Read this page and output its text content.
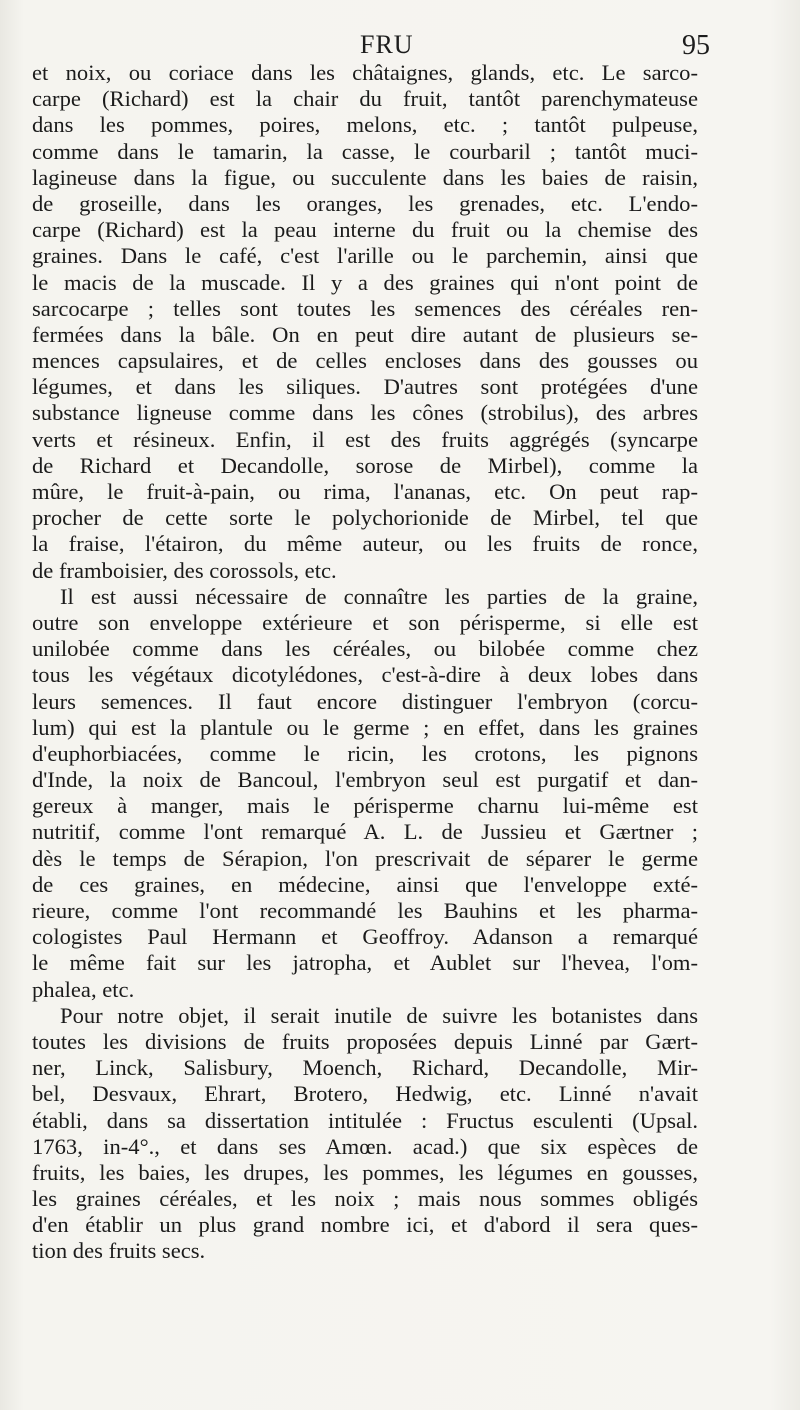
FRU	95
et noix, ou coriace dans les châtaignes, glands, etc. Le sarco-
carpe (Richard) est la chair du fruit, tantôt parenchymateuse
dans les pommes, poires, melons, etc. ; tantôt pulpeuse,
comme dans le tamarin, la casse, le courbaril ; tantôt muci-
lagineuse dans la figue, ou succulente dans les baies de raisin,
de groseille, dans les oranges, les grenades, etc. L'endo-
carpe (Richard) est la peau interne du fruit ou la chemise des
graines. Dans le café, c'est l'arille ou le parchemin, ainsi que
le macis de la muscade. Il y a des graines qui n'ont point de
sarcocarpe ; telles sont toutes les semences des céréales ren-
fermées dans la bâle. On en peut dire autant de plusieurs se-
mences capsulaires, et de celles encloses dans des gousses ou
légumes, et dans les siliques. D'autres sont protégées d'une
substance ligneuse comme dans les cônes (strobilus), des arbres
verts et résineux. Enfin, il est des fruits aggrégés (syncarpe
de Richard et Decandolle, sorose de Mirbel), comme la
mûre, le fruit-à-pain, ou rima, l'ananas, etc. On peut rap-
procher de cette sorte le polychorionide de Mirbel, tel que
la fraise, l'étairon, du même auteur, ou les fruits de ronce,
de framboisier, des corossols, etc.
Il est aussi nécessaire de connaître les parties de la graine,
outre son enveloppe extérieure et son périsperme, si elle est
unilobée comme dans les céréales, ou bilobée comme chez
tous les végétaux dicotylédones, c'est-à-dire à deux lobes dans
leurs semences. Il faut encore distinguer l'embryon (corcu-
lum) qui est la plantule ou le germe ; en effet, dans les graines
d'euphorbiacées, comme le ricin, les crotons, les pignons
d'Inde, la noix de Bancoul, l'embryon seul est purgatif et dan-
gereux à manger, mais le périsperme charnu lui-même est
nutritif, comme l'ont remarqué A. L. de Jussieu et Gærtner ;
dès le temps de Sérapion, l'on prescrivait de séparer le germe
de ces graines, en médecine, ainsi que l'enveloppe exté-
rieure, comme l'ont recommandé les Bauhins et les pharma-
cologistes Paul Hermann et Geoffroy. Adanson a remarqué
le même fait sur les jatropha, et Aublet sur l'hevea, l'om-
phalea, etc.
Pour notre objet, il serait inutile de suivre les botanistes dans
toutes les divisions de fruits proposées depuis Linné par Gært-
ner, Linck, Salisbury, Moench, Richard, Decandolle, Mir-
bel, Desvaux, Ehrart, Brotero, Hedwig, etc. Linné n'avait
établi, dans sa dissertation intitulée : Fructus esculenti (Upsal.
1763, in-4°., et dans ses Amœn. acad.) que six espèces de
fruits, les baies, les drupes, les pommes, les légumes en gousses,
les graines céréales, et les noix ; mais nous sommes obligés
d'en établir un plus grand nombre ici, et d'abord il sera ques-
tion des fruits secs.
